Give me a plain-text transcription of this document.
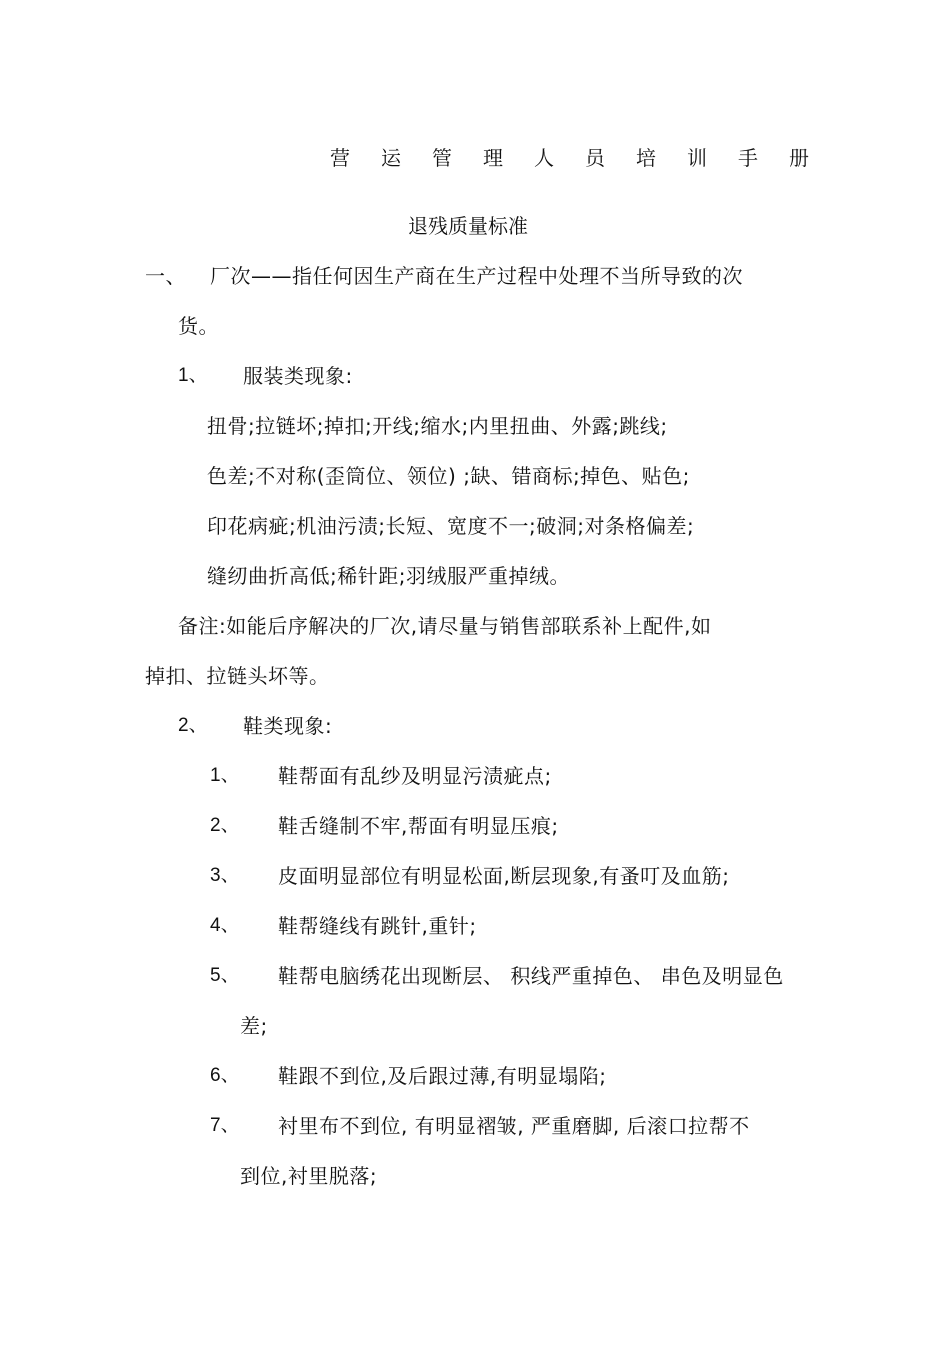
营运管理人员培训手册
退残质量标准
一、 厂次——指任何因生产商在生产过程中处理不当所导致的次
货。
1、 服装类现象:
扭骨;拉链坏;掉扣;开线;缩水;内里扭曲、外露;跳线;
色差;不对称(歪筒位、领位) ;缺、错商标;掉色、贴色;
印花病疵;机油污渍;长短、宽度不一;破洞;对条格偏差;
缝纫曲折高低;稀针距;羽绒服严重掉绒。
备注:如能后序解决的厂次,请尽量与销售部联系补上配件,如
掉扣、拉链头坏等。
2、 鞋类现象:
1、 鞋帮面有乱纱及明显污渍疵点;
2、 鞋舌缝制不牢,帮面有明显压痕;
3、 皮面明显部位有明显松面,断层现象,有蚤叮及血筋;
4、 鞋帮缝线有跳针,重针;
5、 鞋帮电脑绣花出现断层、 积线严重掉色、 串色及明显色
差;
6、 鞋跟不到位,及后跟过薄,有明显塌陷;
7、 衬里布不到位, 有明显褶皱, 严重磨脚, 后滚口拉帮不
到位,衬里脱落;
